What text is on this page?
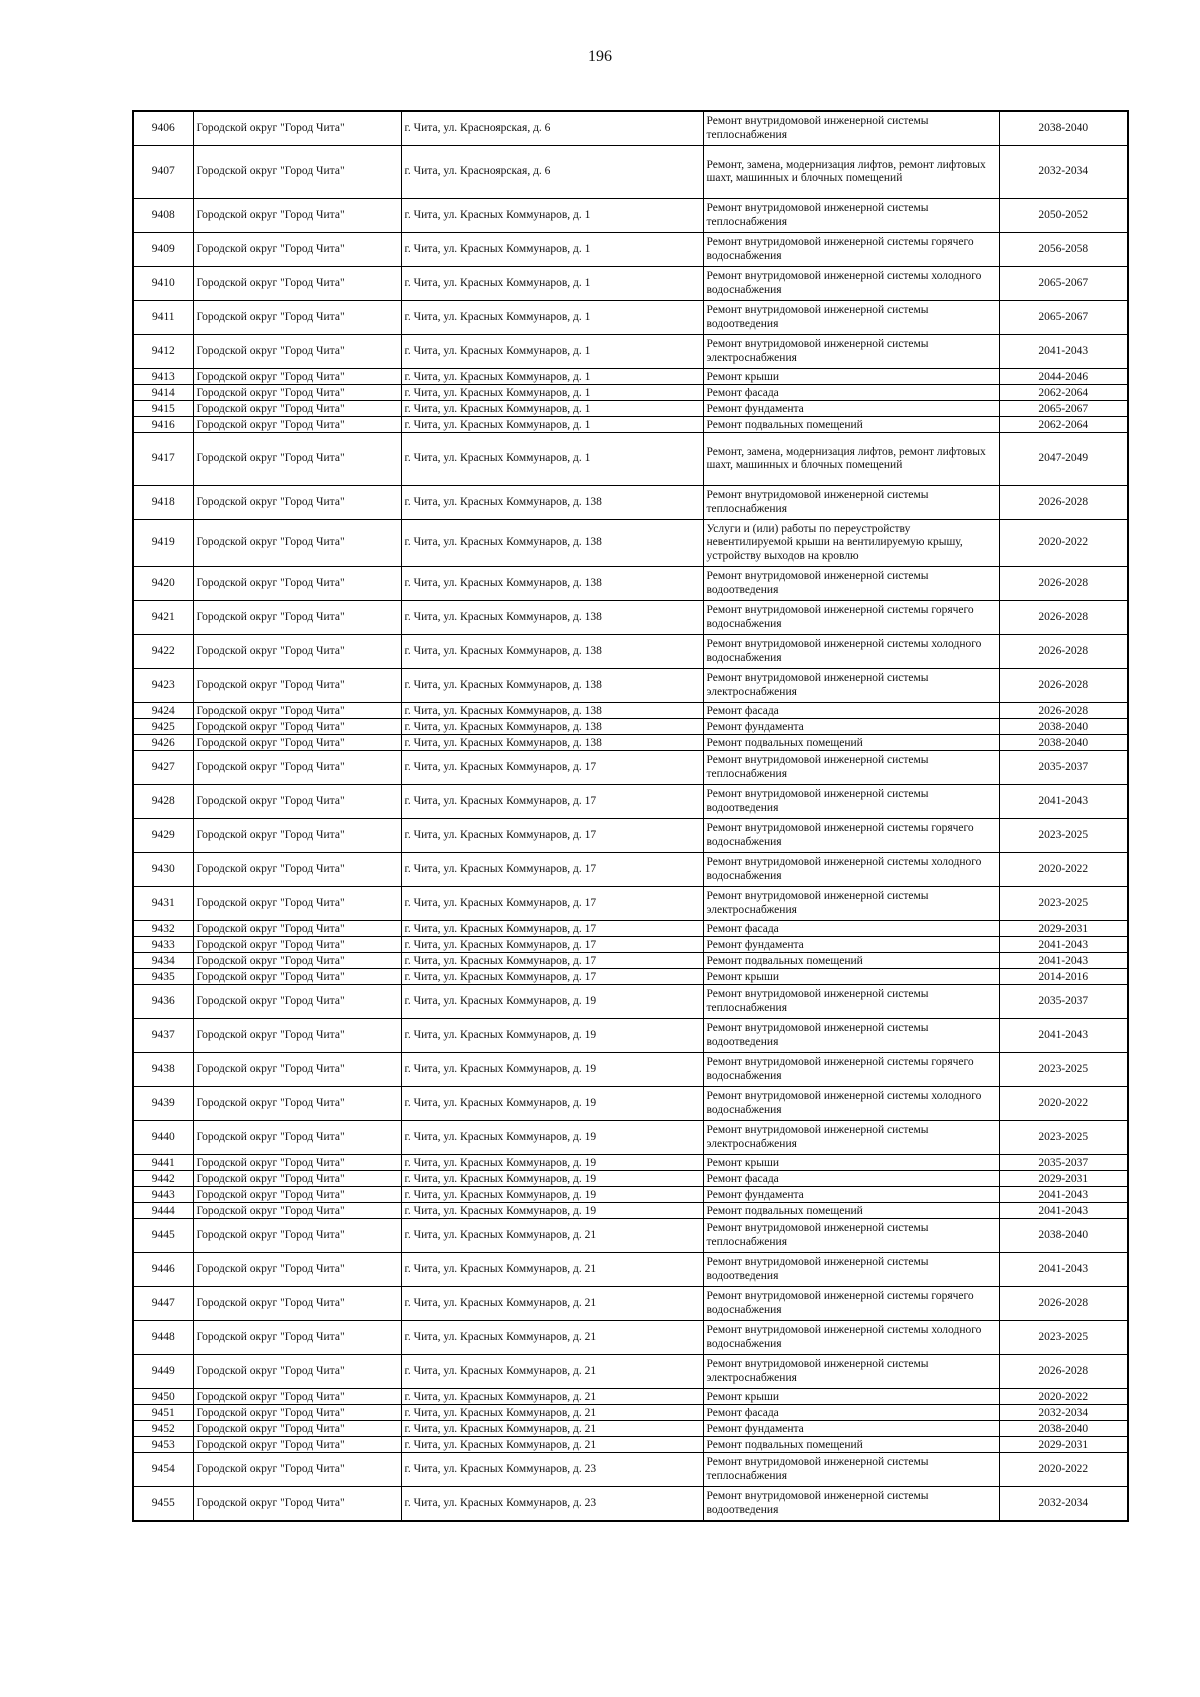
196
9406	Городской округ "Город Чита"	г. Чита, ул. Красноярская, д. 6	Ремонт внутридомовой инженерной системы теплоснабжения	2038-2040
9407	Городской округ "Город Чита"	г. Чита, ул. Красноярская, д. 6	Ремонт, замена, модернизация лифтов, ремонт лифтовых шахт, машинных и блочных помещений	2032-2034
9408	Городской округ "Город Чита"	г. Чита, ул. Красных Коммунаров, д. 1	Ремонт внутридомовой инженерной системы теплоснабжения	2050-2052
9409	Городской округ "Город Чита"	г. Чита, ул. Красных Коммунаров, д. 1	Ремонт внутридомовой инженерной системы горячего водоснабжения	2056-2058
9410	Городской округ "Город Чита"	г. Чита, ул. Красных Коммунаров, д. 1	Ремонт внутридомовой инженерной системы холодного водоснабжения	2065-2067
9411	Городской округ "Город Чита"	г. Чита, ул. Красных Коммунаров, д. 1	Ремонт внутридомовой инженерной системы водоотведения	2065-2067
9412	Городской округ "Город Чита"	г. Чита, ул. Красных Коммунаров, д. 1	Ремонт внутридомовой инженерной системы электроснабжения	2041-2043
9413	Городской округ "Город Чита"	г. Чита, ул. Красных Коммунаров, д. 1	Ремонт крыши	2044-2046
9414	Городской округ "Город Чита"	г. Чита, ул. Красных Коммунаров, д. 1	Ремонт фасада	2062-2064
9415	Городской округ "Город Чита"	г. Чита, ул. Красных Коммунаров, д. 1	Ремонт фундамента	2065-2067
9416	Городской округ "Город Чита"	г. Чита, ул. Красных Коммунаров, д. 1	Ремонт подвальных помещений	2062-2064
9417	Городской округ "Город Чита"	г. Чита, ул. Красных Коммунаров, д. 1	Ремонт, замена, модернизация лифтов, ремонт лифтовых шахт, машинных и блочных помещений	2047-2049
9418	Городской округ "Город Чита"	г. Чита, ул. Красных Коммунаров, д. 138	Ремонт внутридомовой инженерной системы теплоснабжения	2026-2028
9419	Городской округ "Город Чита"	г. Чита, ул. Красных Коммунаров, д. 138	Услуги и (или) работы по переустройству невентилируемой крыши на вентилируемую крышу, устройству выходов на кровлю	2020-2022
9420	Городской округ "Город Чита"	г. Чита, ул. Красных Коммунаров, д. 138	Ремонт внутридомовой инженерной системы водоотведения	2026-2028
9421	Городской округ "Город Чита"	г. Чита, ул. Красных Коммунаров, д. 138	Ремонт внутридомовой инженерной системы горячего водоснабжения	2026-2028
9422	Городской округ "Город Чита"	г. Чита, ул. Красных Коммунаров, д. 138	Ремонт внутридомовой инженерной системы холодного водоснабжения	2026-2028
9423	Городской округ "Город Чита"	г. Чита, ул. Красных Коммунаров, д. 138	Ремонт внутридомовой инженерной системы электроснабжения	2026-2028
9424	Городской округ "Город Чита"	г. Чита, ул. Красных Коммунаров, д. 138	Ремонт фасада	2026-2028
9425	Городской округ "Город Чита"	г. Чита, ул. Красных Коммунаров, д. 138	Ремонт фундамента	2038-2040
9426	Городской округ "Город Чита"	г. Чита, ул. Красных Коммунаров, д. 138	Ремонт подвальных помещений	2038-2040
9427	Городской округ "Город Чита"	г. Чита, ул. Красных Коммунаров, д. 17	Ремонт внутридомовой инженерной системы теплоснабжения	2035-2037
9428	Городской округ "Город Чита"	г. Чита, ул. Красных Коммунаров, д. 17	Ремонт внутридомовой инженерной системы водоотведения	2041-2043
9429	Городской округ "Город Чита"	г. Чита, ул. Красных Коммунаров, д. 17	Ремонт внутридомовой инженерной системы горячего водоснабжения	2023-2025
9430	Городской округ "Город Чита"	г. Чита, ул. Красных Коммунаров, д. 17	Ремонт внутридомовой инженерной системы холодного водоснабжения	2020-2022
9431	Городской округ "Город Чита"	г. Чита, ул. Красных Коммунаров, д. 17	Ремонт внутридомовой инженерной системы электроснабжения	2023-2025
9432	Городской округ "Город Чита"	г. Чита, ул. Красных Коммунаров, д. 17	Ремонт фасада	2029-2031
9433	Городской округ "Город Чита"	г. Чита, ул. Красных Коммунаров, д. 17	Ремонт фундамента	2041-2043
9434	Городской округ "Город Чита"	г. Чита, ул. Красных Коммунаров, д. 17	Ремонт подвальных помещений	2041-2043
9435	Городской округ "Город Чита"	г. Чита, ул. Красных Коммунаров, д. 17	Ремонт крыши	2014-2016
9436	Городской округ "Город Чита"	г. Чита, ул. Красных Коммунаров, д. 19	Ремонт внутридомовой инженерной системы теплоснабжения	2035-2037
9437	Городской округ "Город Чита"	г. Чита, ул. Красных Коммунаров, д. 19	Ремонт внутридомовой инженерной системы водоотведения	2041-2043
9438	Городской округ "Город Чита"	г. Чита, ул. Красных Коммунаров, д. 19	Ремонт внутридомовой инженерной системы горячего водоснабжения	2023-2025
9439	Городской округ "Город Чита"	г. Чита, ул. Красных Коммунаров, д. 19	Ремонт внутридомовой инженерной системы холодного водоснабжения	2020-2022
9440	Городской округ "Город Чита"	г. Чита, ул. Красных Коммунаров, д. 19	Ремонт внутридомовой инженерной системы электроснабжения	2023-2025
9441	Городской округ "Город Чита"	г. Чита, ул. Красных Коммунаров, д. 19	Ремонт крыши	2035-2037
9442	Городской округ "Город Чита"	г. Чита, ул. Красных Коммунаров, д. 19	Ремонт фасада	2029-2031
9443	Городской округ "Город Чита"	г. Чита, ул. Красных Коммунаров, д. 19	Ремонт фундамента	2041-2043
9444	Городской округ "Город Чита"	г. Чита, ул. Красных Коммунаров, д. 19	Ремонт подвальных помещений	2041-2043
9445	Городской округ "Город Чита"	г. Чита, ул. Красных Коммунаров, д. 21	Ремонт внутридомовой инженерной системы теплоснабжения	2038-2040
9446	Городской округ "Город Чита"	г. Чита, ул. Красных Коммунаров, д. 21	Ремонт внутридомовой инженерной системы водоотведения	2041-2043
9447	Городской округ "Город Чита"	г. Чита, ул. Красных Коммунаров, д. 21	Ремонт внутридомовой инженерной системы горячего водоснабжения	2026-2028
9448	Городской округ "Город Чита"	г. Чита, ул. Красных Коммунаров, д. 21	Ремонт внутридомовой инженерной системы холодного водоснабжения	2023-2025
9449	Городской округ "Город Чита"	г. Чита, ул. Красных Коммунаров, д. 21	Ремонт внутридомовой инженерной системы электроснабжения	2026-2028
9450	Городской округ "Город Чита"	г. Чита, ул. Красных Коммунаров, д. 21	Ремонт крыши	2020-2022
9451	Городской округ "Город Чита"	г. Чита, ул. Красных Коммунаров, д. 21	Ремонт фасада	2032-2034
9452	Городской округ "Город Чита"	г. Чита, ул. Красных Коммунаров, д. 21	Ремонт фундамента	2038-2040
9453	Городской округ "Город Чита"	г. Чита, ул. Красных Коммунаров, д. 21	Ремонт подвальных помещений	2029-2031
9454	Городской округ "Город Чита"	г. Чита, ул. Красных Коммунаров, д. 23	Ремонт внутридомовой инженерной системы теплоснабжения	2020-2022
9455	Городской округ "Город Чита"	г. Чита, ул. Красных Коммунаров, д. 23	Ремонт внутридомовой инженерной системы водоотведения	2032-2034
